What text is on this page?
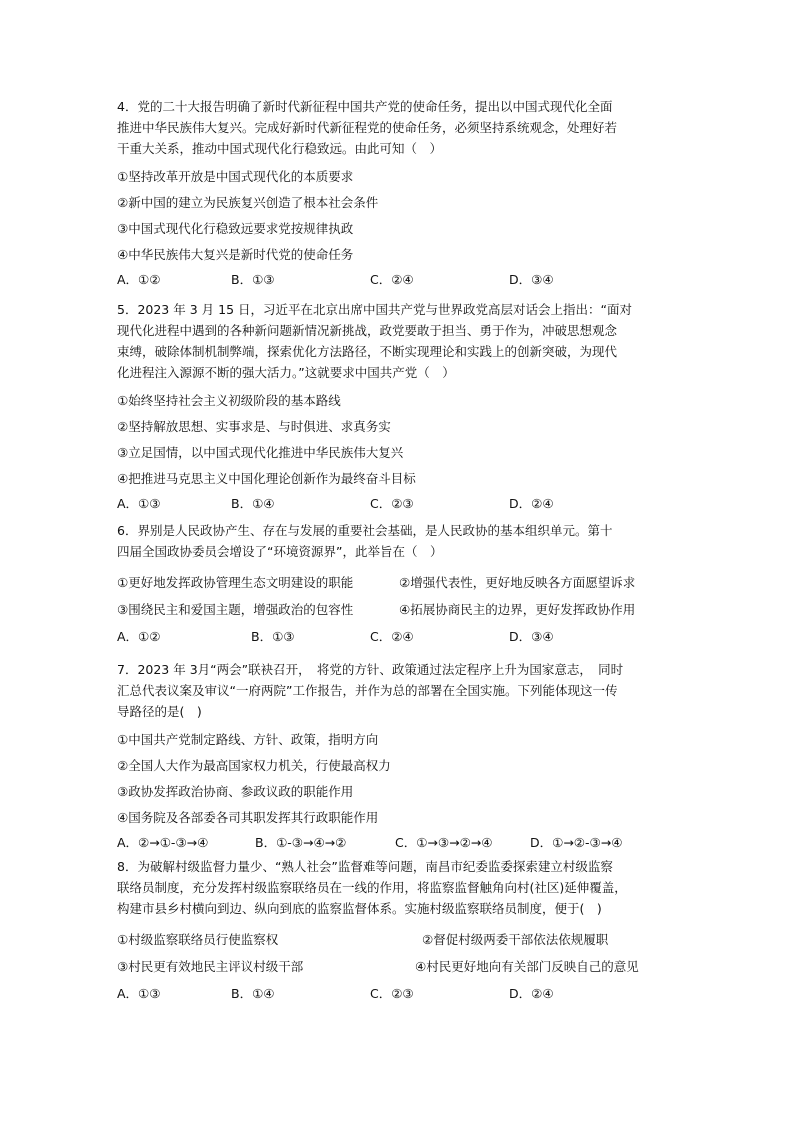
4．党的二十大报告明确了新时代新征程中国共产党的使命任务，提出以中国式现代化全面
推进中华民族伟大复兴。完成好新时代新征程党的使命任务，必须坚持系统观念，处理好若
干重大关系，推动中国式现代化行稳致远。由此可知（　）

①坚持改革开放是中国式现代化的本质要求

②新中国的建立为民族复兴创造了根本社会条件

③中国式现代化行稳致远要求党按规律执政

④中华民族伟大复兴是新时代党的使命任务

A．①②	B．①③	C．②④	D．③④

5．2023 年 3 月 15 日，习近平在北京出席中国共产党与世界政党高层对话会上指出：“面对
现代化进程中遇到的各种新问题新情况新挑战，政党要敢于担当、勇于作为，冲破思想观念
束缚，破除体制机制弊端，探索优化方法路径，不断实现理论和实践上的创新突破，为现代
化进程注入源源不断的强大活力。”这就要求中国共产党（　）

①始终坚持社会主义初级阶段的基本路线

②坚持解放思想、实事求是、与时俱进、求真务实

③立足国情，以中国式现代化推进中华民族伟大复兴

④把推进马克思主义中国化理论创新作为最终奋斗目标

A．①③	B．①④	C．②③	D．②④

6．界别是人民政协产生、存在与发展的重要社会基础，是人民政协的基本组织单元。第十
四届全国政协委员会增设了“环境资源界”，此举旨在（　）

①更好地发挥政协管理生态文明建设的职能	②增强代表性，更好地反映各方面愿望诉求
③围绕民主和爱国主题，增强政治的包容性	④拓展协商民主的边界，更好发挥政协作用
A．①②	B．①③	C．②④	D．③④

7．2023 年 3月“两会”联袂召开，　将党的方针、政策通过法定程序上升为国家意志，　同时
汇总代表议案及审议“一府两院”工作报告，并作为总的部署在全国实施。下列能体现这一传
导路径的是(　)

①中国共产党制定路线、方针、政策，指明方向

②全国人大作为最高国家权力机关，行使最高权力

③政协发挥政治协商、参政议政的职能作用

④国务院及各部委各司其职发挥其行政职能作用

A．②→①-③→④	B．①-③→④→②	C．①→③→②→④	D．①→②-③→④

8．为破解村级监督力量少、“熟人社会”监督难等问题，南昌市纪委监委探索建立村级监察
联络员制度，充分发挥村级监察联络员在一线的作用，将监察监督触角向村(社区)延伸覆盖，
构建市县乡村横向到边、纵向到底的监察监督体系。实施村级监察联络员制度，便于(　)

①村级监察联络员行使监察权	②督促村级两委干部依法依规履职
③村民更有效地民主评议村级干部	④村民更好地向有关部门反映自己的意见
A．①③	B．①④	C．②③	D．②④
